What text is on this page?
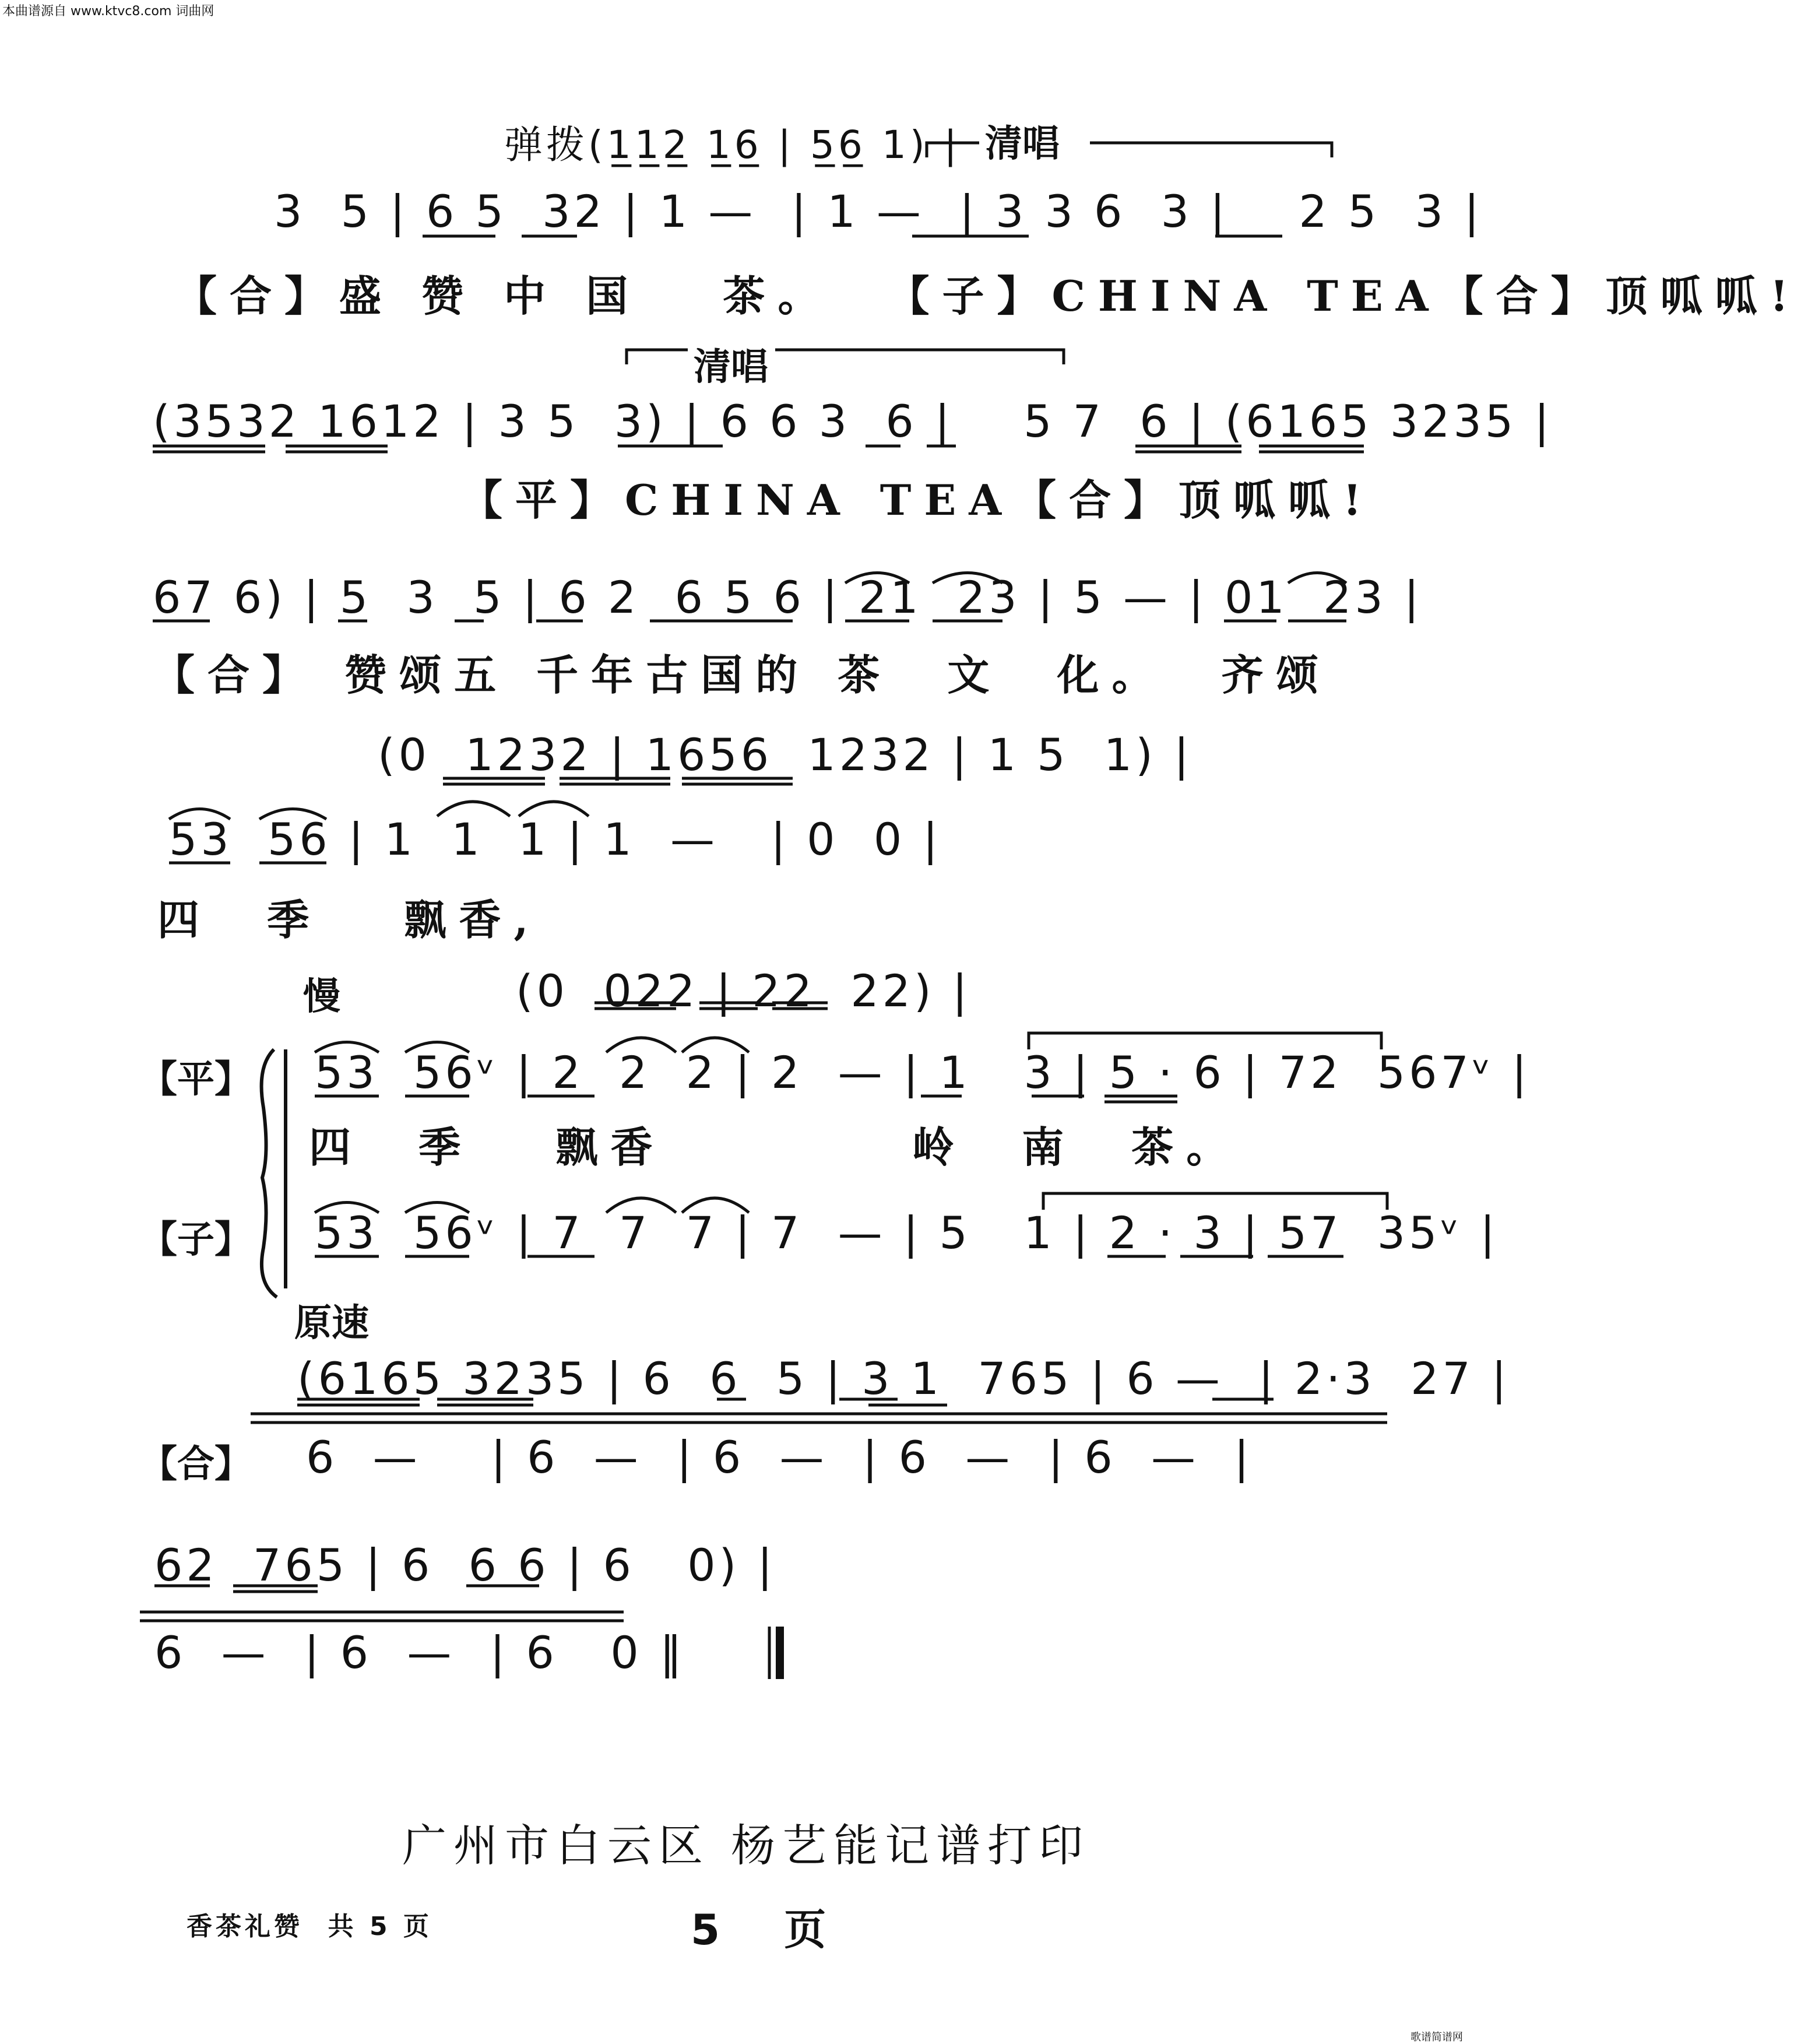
本曲谱源自 www.ktvc8.com 词曲网
歌谱简谱网
弹拨(1̲1̲2̲ 1̲6̲ | 5̲6̲ 1) | 清唱
3  5 | 6 5  32 | 1 —  | 1 —  | 3 3 6  3 |    2 5  3 |
【合】盛 赞 中 国   茶。  【子】CHINA TEA【合】顶呱呱!
清唱
(3532 1612 | 3 5  3) | 6 6 3  6 |    5 7  6 | (6165 3235 |
【平】CHINA TEA【合】顶呱呱!
67 6) | 5  3  5 | 6 2  6 5 6 | 21  23 | 5 — | 01  23 |
【合】 赞颂五 千年古国的 茶  文  化。  齐颂
(0  1232 | 1656  1232 | 1 5  1) |
53  56 | 1  1  1 | 1  —   | 0  0 |
四  季   飘香,
慢	(0  022 | 22  22) |
【平】 53  56ᵛ | 2  2  2 | 2  — | 1   3 | 5 · 6 | 72  567ᵛ |
四  季   飘香         岭  南  茶。
【子】 53  56ᵛ | 7  7  7 | 7  — | 5   1 | 2 · 3 | 57  35ᵛ |
原速
(6165 3235 | 6  6  5 | 3 1  765 | 6 —  | 2·3  27 |
【合】 6  —    | 6  —  | 6  —  | 6  —  | 6  —  |
62  765 | 6  6 6 | 6   0) |
6  —  | 6  —  | 6   0 ‖
广州市白云区 杨艺能记谱打印
香茶礼赞  共 5 页	5  页
